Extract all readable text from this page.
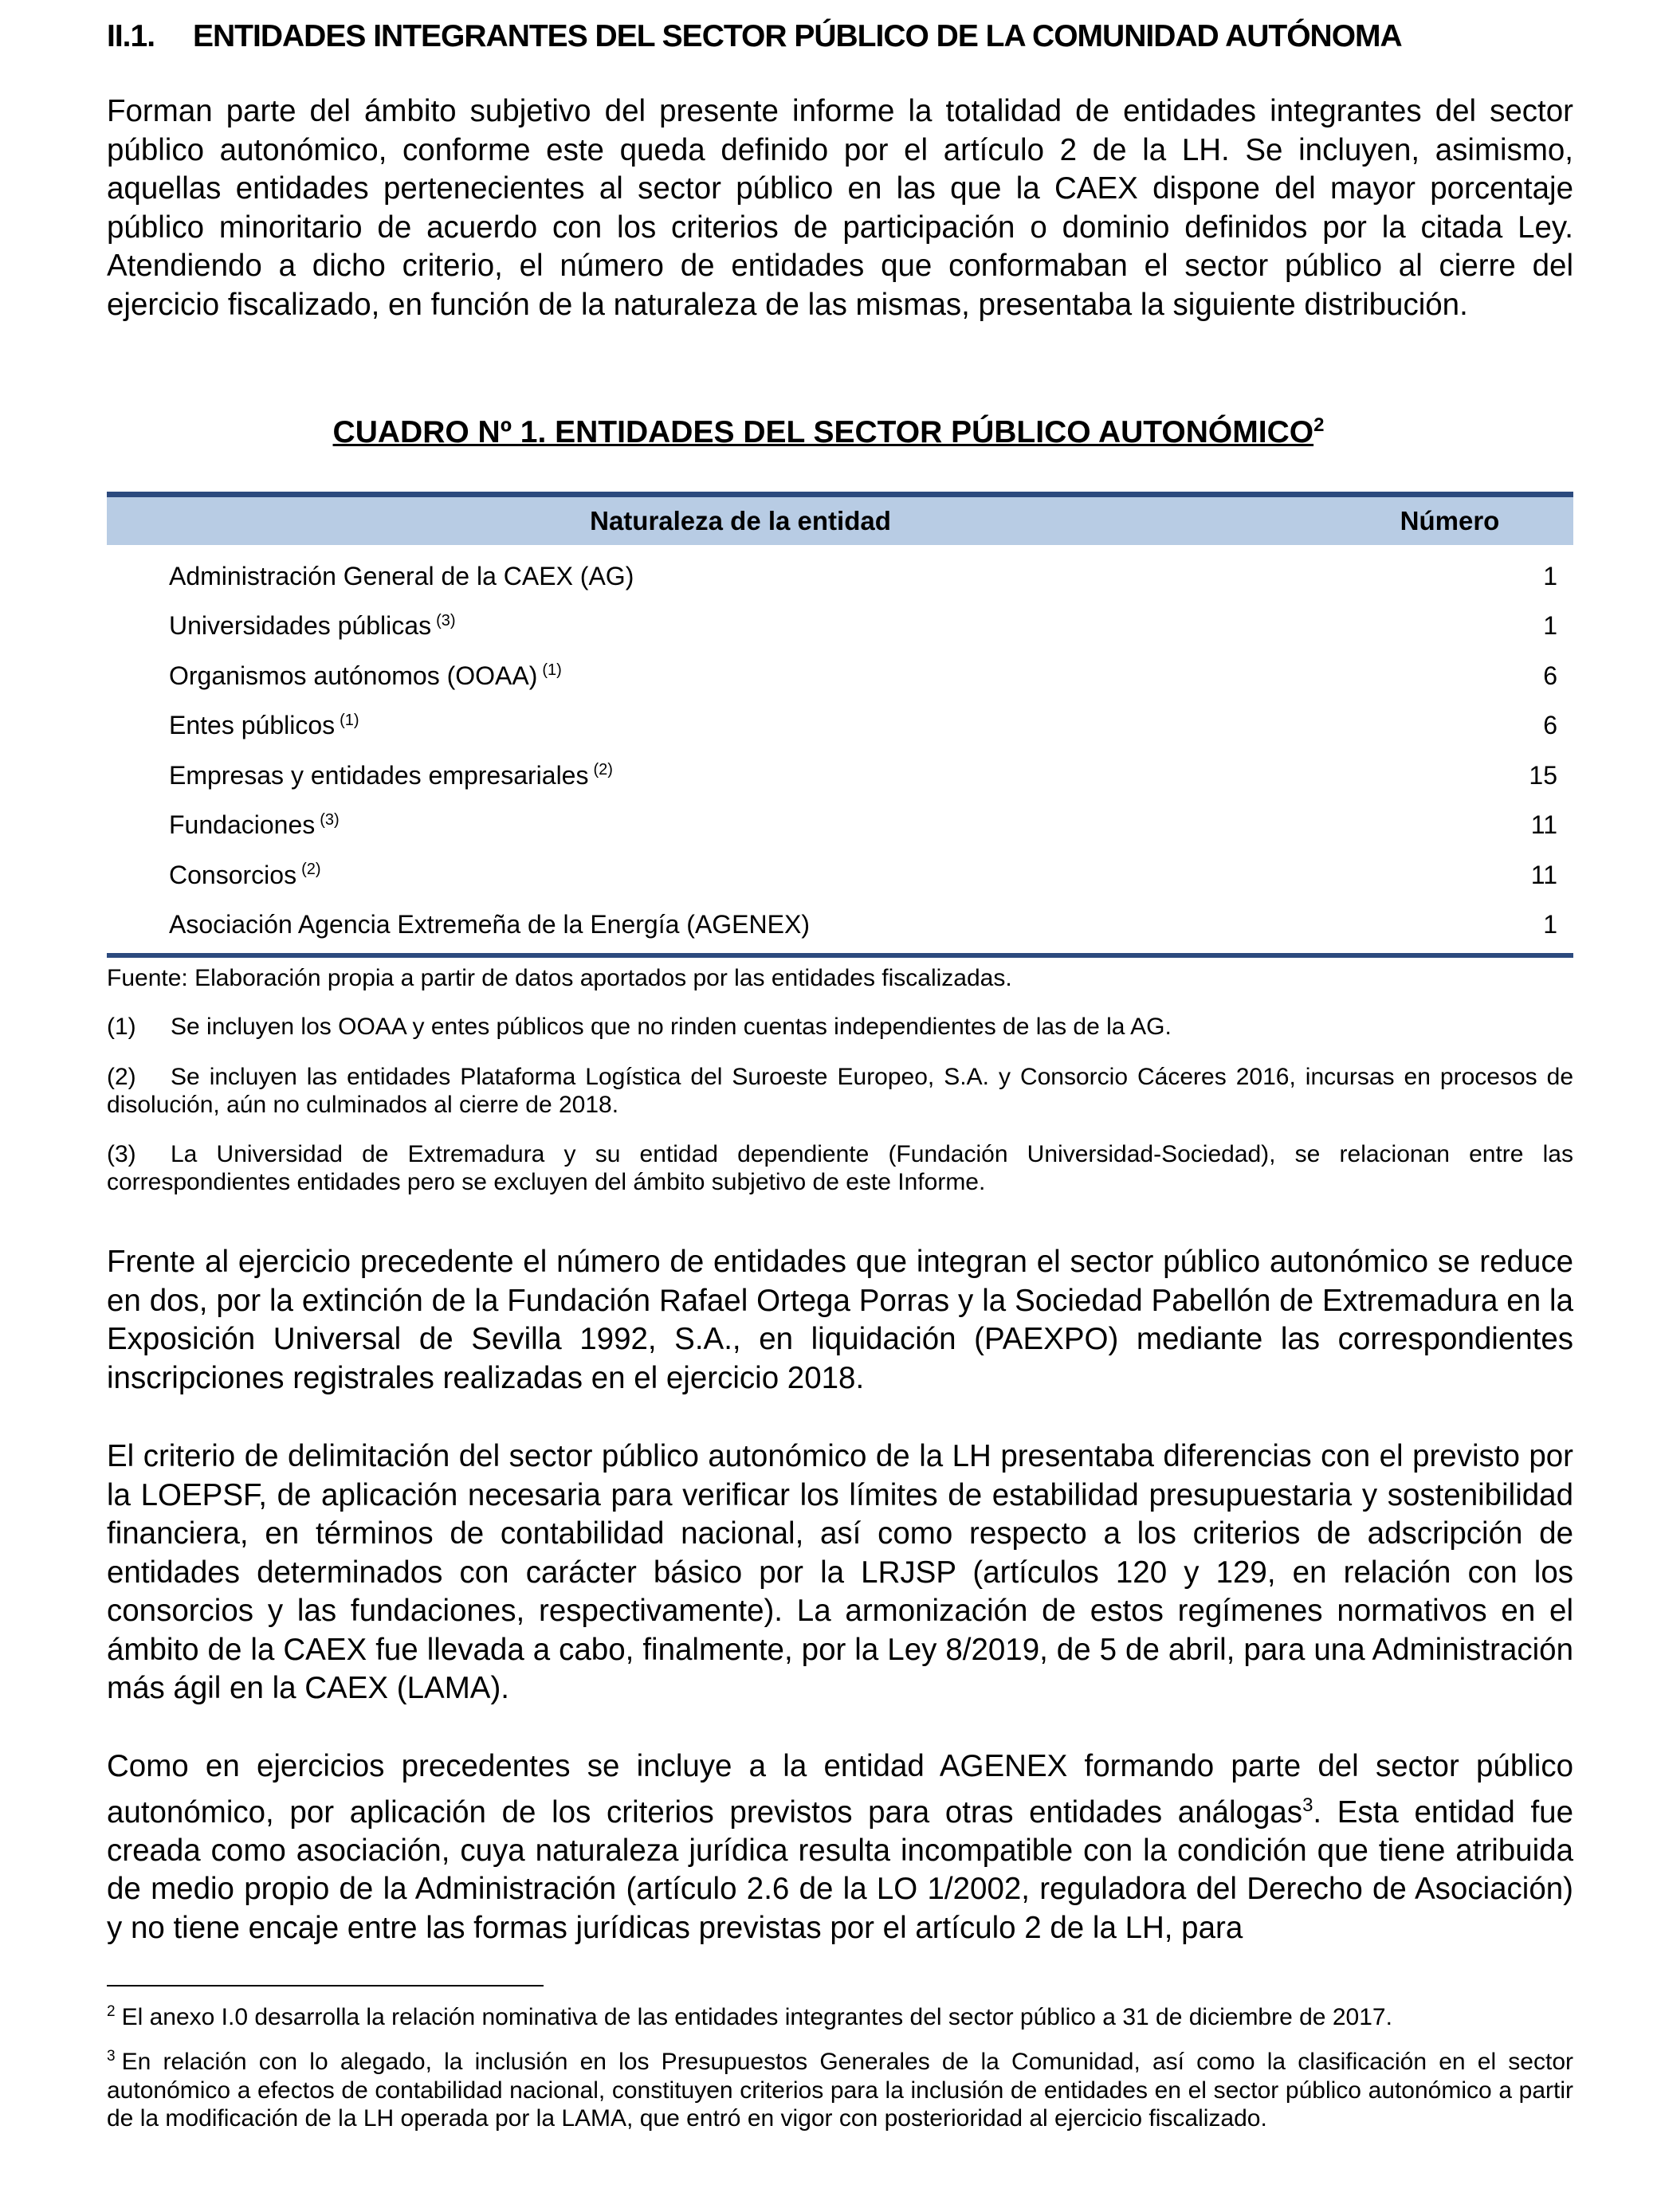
II.1. ENTIDADES INTEGRANTES DEL SECTOR PÚBLICO DE LA COMUNIDAD AUTÓNOMA

Forman parte del ámbito subjetivo del presente informe la totalidad de entidades integrantes del sector público autonómico, conforme este queda definido por el artículo 2 de la LH. Se incluyen, asimismo, aquellas entidades pertenecientes al sector público en las que la CAEX dispone del mayor porcentaje público minoritario de acuerdo con los criterios de participación o dominio definidos por la citada Ley. Atendiendo a dicho criterio, el número de entidades que conformaban el sector público al cierre del ejercicio fiscalizado, en función de la naturaleza de las mismas, presentaba la siguiente distribución.

CUADRO Nº 1. ENTIDADES DEL SECTOR PÚBLICO AUTONÓMICO$^2$
Naturaleza de la entidad	Número
Administración General de la CAEX (AG)	1
Universidades públicas $^{(3)}$	1
Organismos autónomos (OOAA) $^{(1)}$	6
Entes públicos $^{(1)}$	6
Empresas y entidades empresariales $^{(2)}$	15
Fundaciones $^{(3)}$	11
Consorcios $^{(2)}$	11
Asociación Agencia Extremeña de la Energía (AGENEX)	1

Fuente: Elaboración propia a partir de datos aportados por las entidades fiscalizadas.

(1) Se incluyen los OOAA y entes públicos que no rinden cuentas independientes de las de la AG.

(2) Se incluyen las entidades Plataforma Logística del Suroeste Europeo, S.A. y Consorcio Cáceres 2016, incursas en procesos de disolución, aún no culminados al cierre de 2018.

(3) La Universidad de Extremadura y su entidad dependiente (Fundación Universidad-Sociedad), se relacionan entre las correspondientes entidades pero se excluyen del ámbito subjetivo de este Informe.

Frente al ejercicio precedente el número de entidades que integran el sector público autonómico se reduce en dos, por la extinción de la Fundación Rafael Ortega Porras y la Sociedad Pabellón de Extremadura en la Exposición Universal de Sevilla 1992, S.A., en liquidación (PAEXPO) mediante las correspondientes inscripciones registrales realizadas en el ejercicio 2018.

El criterio de delimitación del sector público autonómico de la LH presentaba diferencias con el previsto por la LOEPSF, de aplicación necesaria para verificar los límites de estabilidad presupuestaria y sostenibilidad financiera, en términos de contabilidad nacional, así como respecto a los criterios de adscripción de entidades determinados con carácter básico por la LRJSP (artículos 120 y 129, en relación con los consorcios y las fundaciones, respectivamente). La armonización de estos regímenes normativos en el ámbito de la CAEX fue llevada a cabo, finalmente, por la Ley 8/2019, de 5 de abril, para una Administración más ágil en la CAEX (LAMA).

Como en ejercicios precedentes se incluye a la entidad AGENEX formando parte del sector público autonómico, por aplicación de los criterios previstos para otras entidades análogas$^3$. Esta entidad fue creada como asociación, cuya naturaleza jurídica resulta incompatible con la condición que tiene atribuida de medio propio de la Administración (artículo 2.6 de la LO 1/2002, reguladora del Derecho de Asociación) y no tiene encaje entre las formas jurídicas previstas por el artículo 2 de la LH, para

$^2$ El anexo I.0 desarrolla la relación nominativa de las entidades integrantes del sector público a 31 de diciembre de 2017.

$^3$ En relación con lo alegado, la inclusión en los Presupuestos Generales de la Comunidad, así como la clasificación en el sector autonómico a efectos de contabilidad nacional, constituyen criterios para la inclusión de entidades en el sector público autonómico a partir de la modificación de la LH operada por la LAMA, que entró en vigor con posterioridad al ejercicio fiscalizado.
